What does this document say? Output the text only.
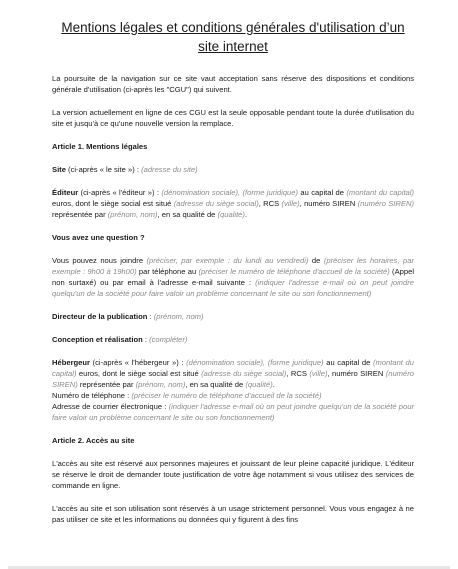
Mentions légales et conditions générales d'utilisation d’un site internet

La poursuite de la navigation sur ce site vaut acceptation sans réserve des dispositions et conditions générale d'utilisation (ci-après les "CGU") qui suivent.

La version actuellement en ligne de ces CGU est la seule opposable pendant toute la durée d'utilisation du site et jusqu'à ce qu'une nouvelle version la remplace.

Article 1. Mentions légales

Site (ci-après « le site ») : (adresse du site)

Éditeur (ci-après « l'éditeur ») : (dénomination sociale), (forme juridique) au capital de (montant du capital) euros, dont le siège social est situé (adresse du siège social), RCS (ville), numéro SIREN (numéro SIREN) représentée par (prénom, nom), en sa qualité de (qualité).

Vous avez une question ?

Vous pouvez nous joindre (préciser, par exemple : du lundi au vendredi) de (préciser les horaires, par exemple : 9h00 à 19h00) par téléphone au (préciser le numéro de téléphone d'accueil de la société) (Appel non surtaxé) ou par email à l'adresse e-mail suivante : (indiquer l'adresse e-mail où on peut joindre quelqu'un de la société pour faire valoir un problème concernant le site ou son fonctionnement)

Directeur de la publication : (prénom, nom)

Conception et réalisation : (compléter)

Hébergeur (ci-après « l'hébergeur ») : (dénomination sociale), (forme juridique) au capital de (montant du capital) euros, dont le siège social est situé (adresse du siège social), RCS (ville), numéro SIREN (numéro SIREN) représentée par (prénom, nom), en sa qualité de (qualité).
Numéro de téléphone : (préciser le numéro de téléphone d'accueil de la société)
Adresse de courrier électronique : (indiquer l'adresse e-mail où on peut joindre quelqu'un de la société pour faire valoir un problème concernant le site ou son fonctionnement)

Article 2. Accès au site

L'accès au site est réservé aux personnes majeures et jouissant de leur pleine capacité juridique. L'éditeur se réserve le droit de demander toute justification de votre âge notamment si vous utilisez des services de commande en ligne.

L'accès au site et son utilisation sont réservés à un usage strictement personnel. Vous vous engagez à ne pas utiliser ce site et les informations ou données qui y figurent à des fins
